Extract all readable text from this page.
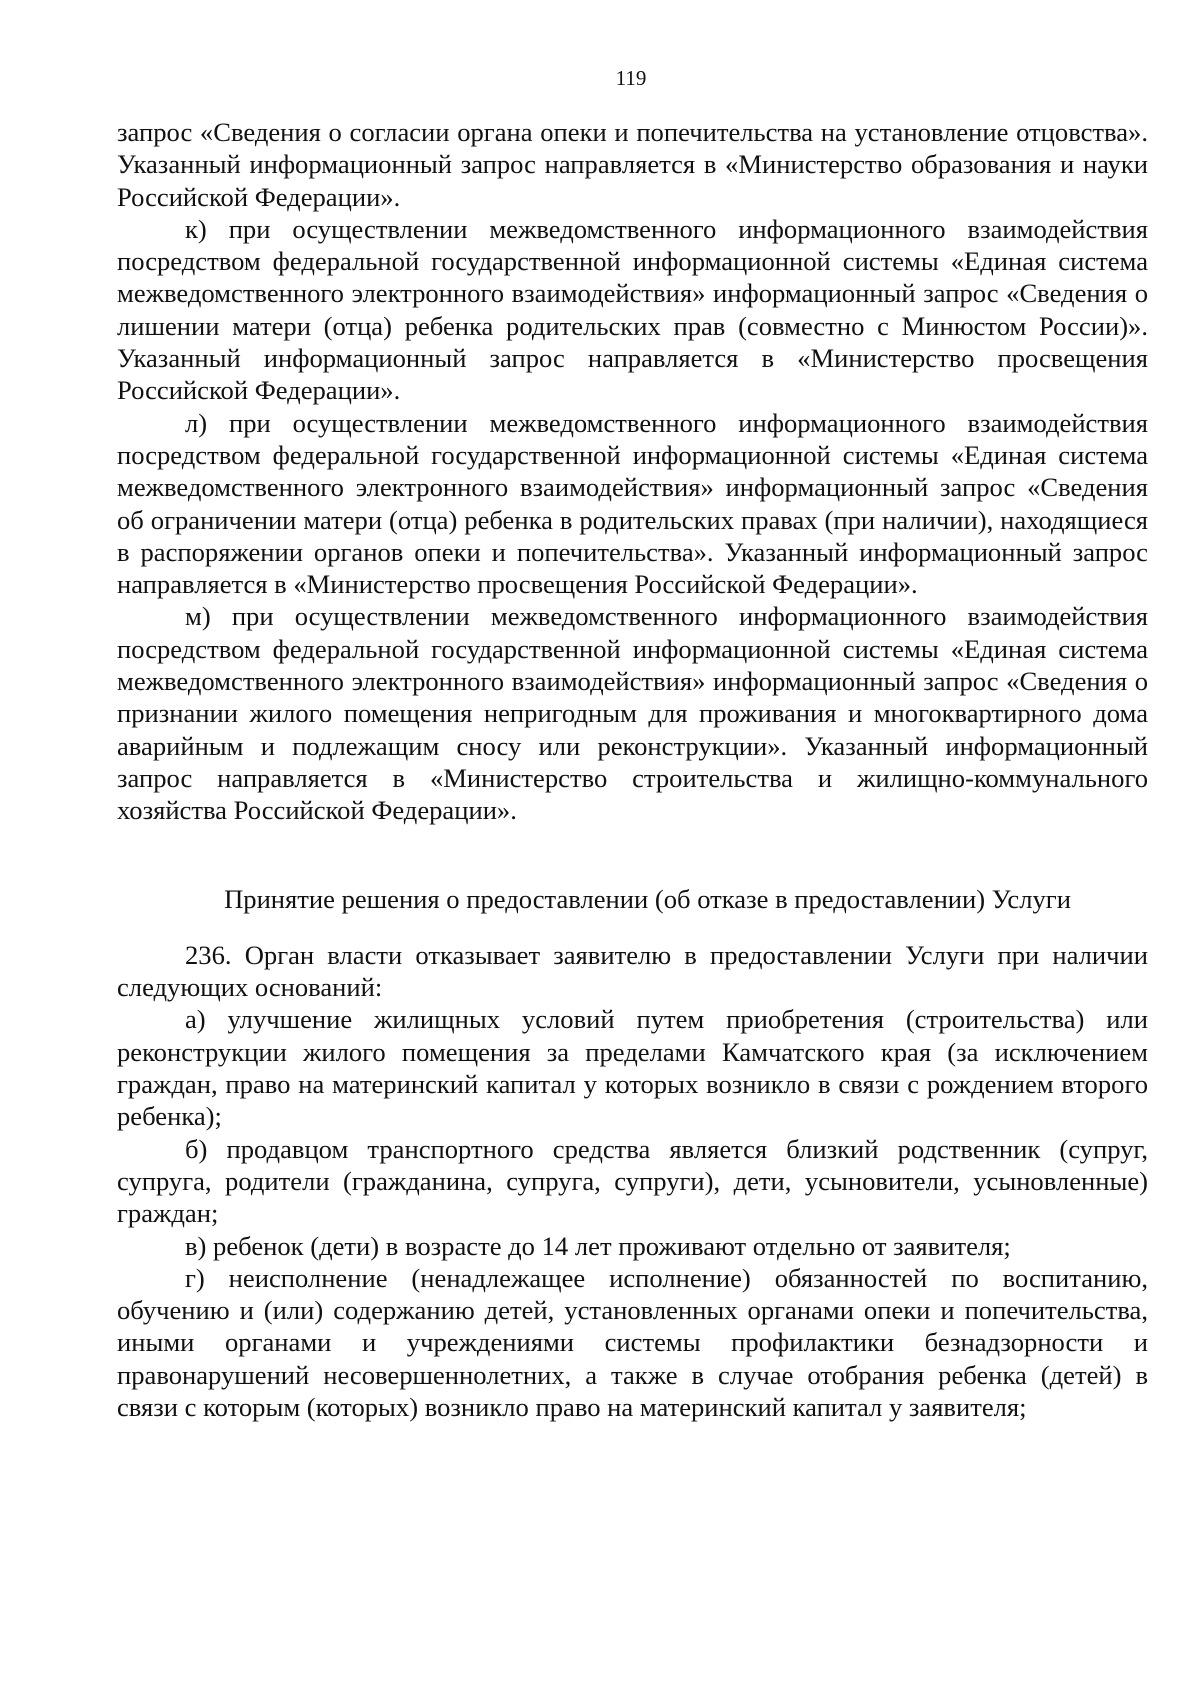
119

запрос «Сведения о согласии органа опеки и попечительства на установление отцовства». Указанный информационный запрос направляется в «Министерство образования и науки Российской Федерации».

к) при осуществлении межведомственного информационного взаимодействия посредством федеральной государственной информационной системы «Единая система межведомственного электронного взаимодействия» информационный запрос «Сведения о лишении матери (отца) ребенка родительских прав (совместно с Минюстом России)». Указанный информационный запрос направляется в «Министерство просвещения Российской Федерации».

л) при осуществлении межведомственного информационного взаимодействия посредством федеральной государственной информационной системы «Единая система межведомственного электронного взаимодействия» информационный запрос «Сведения об ограничении матери (отца) ребенка в родительских правах (при наличии), находящиеся в распоряжении органов опеки и попечительства». Указанный информационный запрос направляется в «Министерство просвещения Российской Федерации».

м) при осуществлении межведомственного информационного взаимодействия посредством федеральной государственной информационной системы «Единая система межведомственного электронного взаимодействия» информационный запрос «Сведения о признании жилого помещения непригодным для проживания и многоквартирного дома аварийным и подлежащим сносу или реконструкции». Указанный информационный запрос направляется в «Министерство строительства и жилищно-коммунального хозяйства Российской Федерации».

Принятие решения о предоставлении (об отказе в предоставлении) Услуги

236. Орган власти отказывает заявителю в предоставлении Услуги при наличии следующих оснований:

а) улучшение жилищных условий путем приобретения (строительства) или реконструкции жилого помещения за пределами Камчатского края (за исключением граждан, право на материнский капитал у которых возникло в связи с рождением второго ребенка);

б) продавцом транспортного средства является близкий родственник (супруг, супруга, родители (гражданина, супруга, супруги), дети, усыновители, усыновленные) граждан;

в) ребенок (дети) в возрасте до 14 лет проживают отдельно от заявителя;

г) неисполнение (ненадлежащее исполнение) обязанностей по воспитанию, обучению и (или) содержанию детей, установленных органами опеки и попечительства, иными органами и учреждениями системы профилактики безнадзорности и правонарушений несовершеннолетних, а также в случае отобрания ребенка (детей) в связи с которым (которых) возникло право на материнский капитал у заявителя;
